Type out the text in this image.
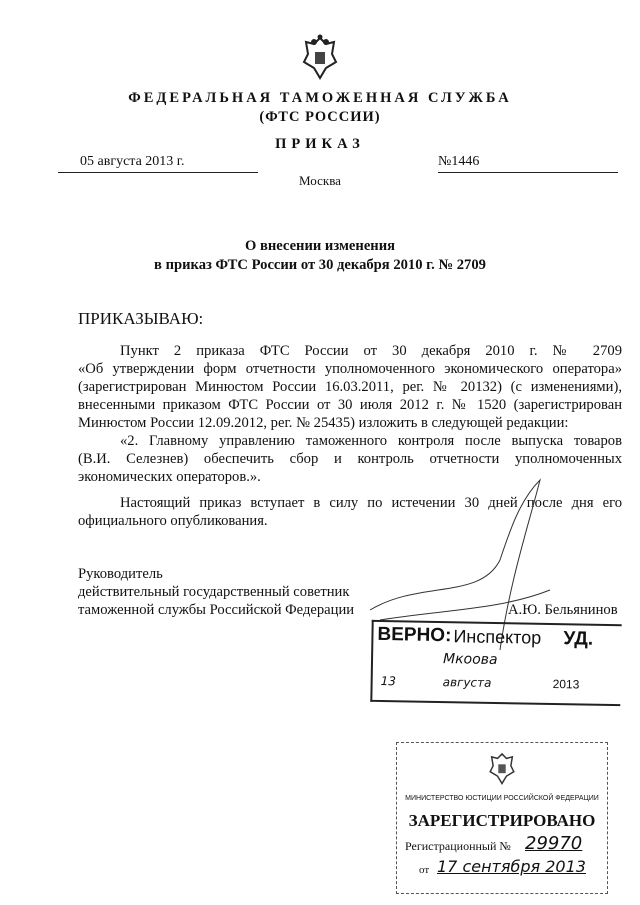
ФЕДЕРАЛЬНАЯ ТАМОЖЕННАЯ СЛУЖБА
(ФТС РОССИИ)
ПРИКАЗ
05 августа 2013 г.	№1446
Москва
О внесении изменения
в приказ ФТС России от 30 декабря 2010 г. № 2709
ПРИКАЗЫВАЮ:
Пункт 2 приказа ФТС России от 30 декабря 2010 г. № 2709
«Об утверждении форм отчетности уполномоченного экономического оператора»
(зарегистрирован Минюстом России 16.03.2011, рег. № 20132) (с изменениями),
внесенными приказом ФТС России от 30 июля 2012 г. № 1520 (зарегистрирован
Минюстом России 12.09.2012, рег. № 25435) изложить в следующей редакции:
«2. Главному управлению таможенного контроля после выпуска товаров
(В.И. Селезнев) обеспечить сбор и контроль отчетности уполномоченных
экономических операторов.».
Настоящий приказ вступает в силу по истечении 30 дней после дня его
официального опубликования.
Руководитель
действительный государственный советник
таможенной службы Российской Федерации	А.Ю. Бельянинов
ВЕРНО: Инспектор УД.
Мкоова
13	августа	2013
МИНИСТЕРСТВО ЮСТИЦИИ РОССИЙСКОЙ ФЕДЕРАЦИИ
ЗАРЕГИСТРИРОВАНО
Регистрационный № 29970
от 17 сентября 2013
